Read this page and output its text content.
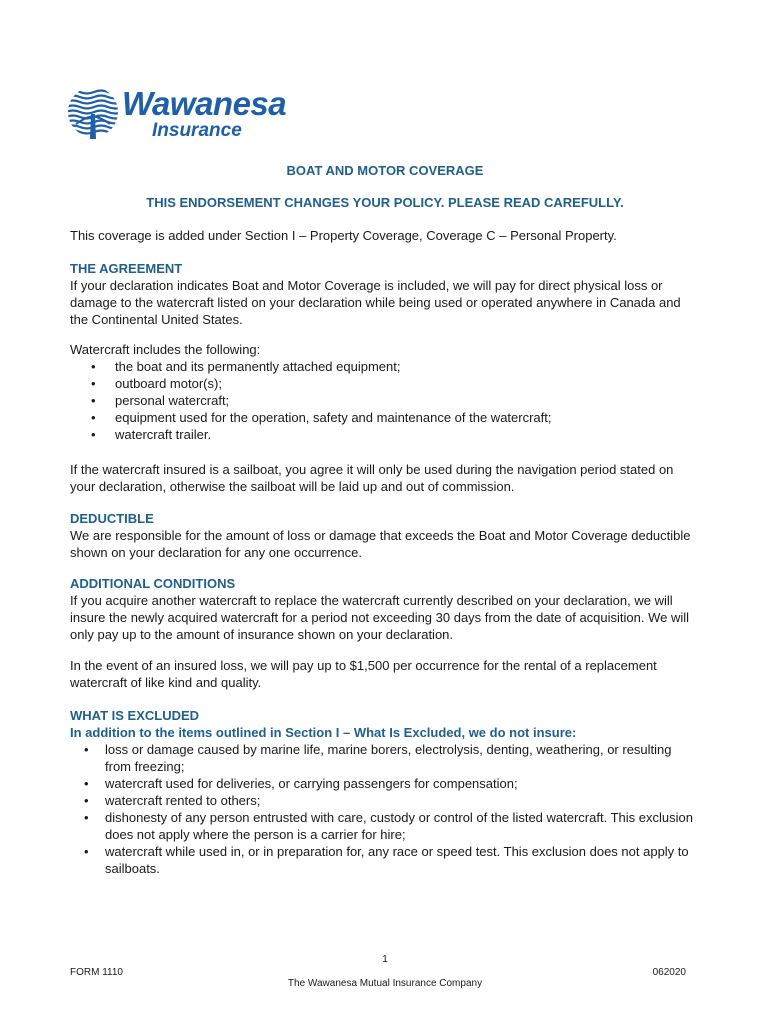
Wawanesa
Insurance
BOAT AND MOTOR COVERAGE
THIS ENDORSEMENT CHANGES YOUR POLICY. PLEASE READ CAREFULLY.
This coverage is added under Section I – Property Coverage, Coverage C – Personal Property.
THE AGREEMENT
If your declaration indicates Boat and Motor Coverage is included, we will pay for direct physical loss or damage to the watercraft listed on your declaration while being used or operated anywhere in Canada and the Continental United States.
Watercraft includes the following:
• the boat and its permanently attached equipment;
• outboard motor(s);
• personal watercraft;
• equipment used for the operation, safety and maintenance of the watercraft;
• watercraft trailer.
If the watercraft insured is a sailboat, you agree it will only be used during the navigation period stated on your declaration, otherwise the sailboat will be laid up and out of commission.
DEDUCTIBLE
We are responsible for the amount of loss or damage that exceeds the Boat and Motor Coverage deductible shown on your declaration for any one occurrence.
ADDITIONAL CONDITIONS
If you acquire another watercraft to replace the watercraft currently described on your declaration, we will insure the newly acquired watercraft for a period not exceeding 30 days from the date of acquisition. We will only pay up to the amount of insurance shown on your declaration.
In the event of an insured loss, we will pay up to $1,500 per occurrence for the rental of a replacement watercraft of like kind and quality.
WHAT IS EXCLUDED
In addition to the items outlined in Section I – What Is Excluded, we do not insure:
• loss or damage caused by marine life, marine borers, electrolysis, denting, weathering, or resulting from freezing;
• watercraft used for deliveries, or carrying passengers for compensation;
• watercraft rented to others;
• dishonesty of any person entrusted with care, custody or control of the listed watercraft. This exclusion does not apply where the person is a carrier for hire;
• watercraft while used in, or in preparation for, any race or speed test. This exclusion does not apply to sailboats.
1
FORM 1110	062020
The Wawanesa Mutual Insurance Company
